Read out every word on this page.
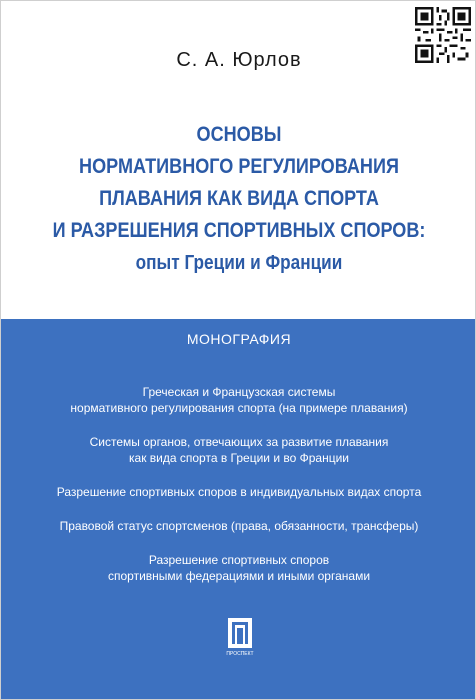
С. А. Юрлов
ОСНОВЫ
НОРМАТИВНОГО РЕГУЛИРОВАНИЯ
ПЛАВАНИЯ КАК ВИДА СПОРТА
И РАЗРЕШЕНИЯ СПОРТИВНЫХ СПОРОВ:
опыт Греции и Франции
МОНОГРАФИЯ
Греческая и Французская системы
нормативного регулирования спорта (на примере плавания)
Системы органов, отвечающих за развитие плавания
как вида спорта в Греции и во Франции
Разрешение спортивных споров в индивидуальных видах спорта
Правовой статус спортсменов (права, обязанности, трансферы)
Разрешение спортивных споров
спортивными федерациями и иными органами
ПРОСПЕКТ
